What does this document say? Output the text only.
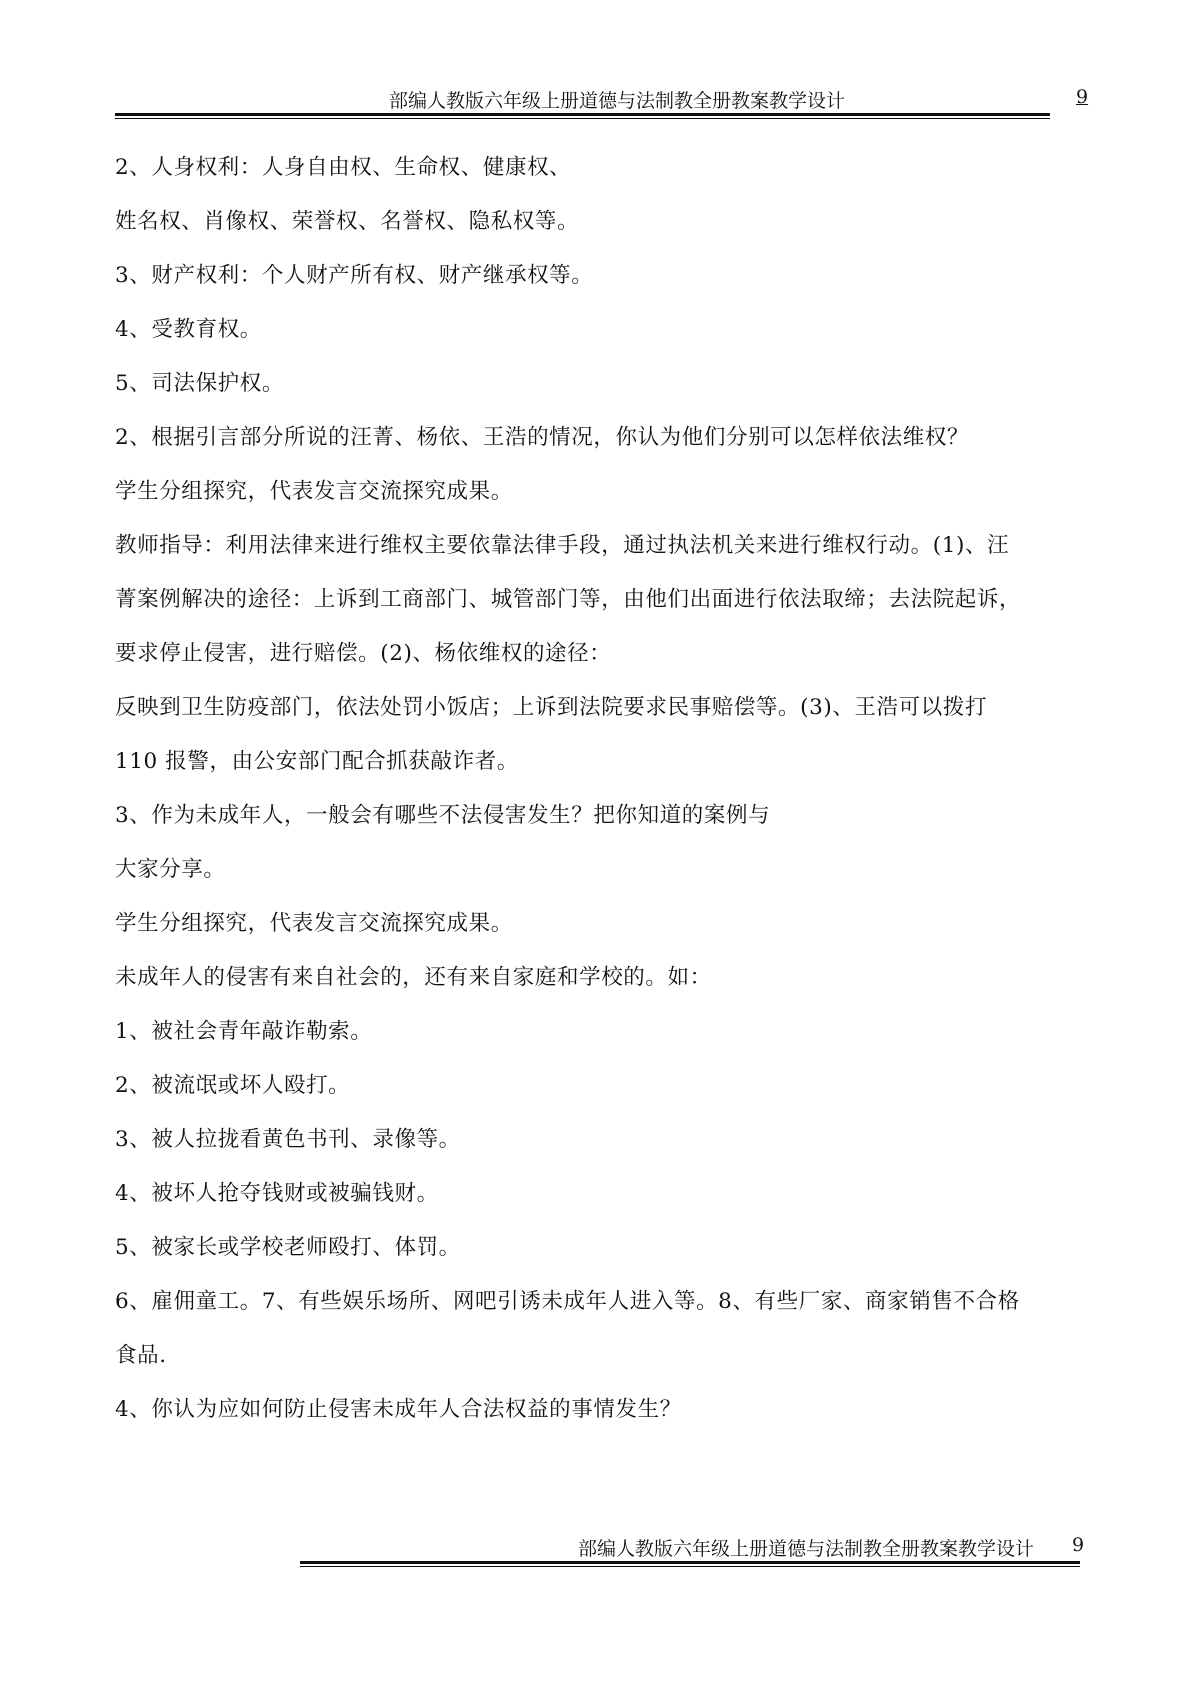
部编人教版六年级上册道德与法制教全册教案教学设计	9
2、人身权利：人身自由权、生命权、健康权、
姓名权、肖像权、荣誉权、名誉权、隐私权等。
3、财产权利：个人财产所有权、财产继承权等。
4、受教育权。
5、司法保护权。
2、根据引言部分所说的汪菁、杨依、王浩的情况，你认为他们分别可以怎样依法维权？
学生分组探究，代表发言交流探究成果。
教师指导：利用法律来进行维权主要依靠法律手段，通过执法机关来进行维权行动。(1)、汪
菁案例解决的途径：上诉到工商部门、城管部门等，由他们出面进行依法取缔；去法院起诉，
要求停止侵害，进行赔偿。(2)、杨依维权的途径：
反映到卫生防疫部门，依法处罚小饭店；上诉到法院要求民事赔偿等。(3)、王浩可以拨打
110 报警，由公安部门配合抓获敲诈者。
3、作为未成年人，一般会有哪些不法侵害发生？把你知道的案例与
大家分享。
学生分组探究，代表发言交流探究成果。
未成年人的侵害有来自社会的，还有来自家庭和学校的。如：
1、被社会青年敲诈勒索。
2、被流氓或坏人殴打。
3、被人拉拢看黄色书刊、录像等。
4、被坏人抢夺钱财或被骗钱财。
5、被家长或学校老师殴打、体罚。
6、雇佣童工。7、有些娱乐场所、网吧引诱未成年人进入等。8、有些厂家、商家销售不合格
食品.
4、你认为应如何防止侵害未成年人合法权益的事情发生？
部编人教版六年级上册道德与法制教全册教案教学设计 9
